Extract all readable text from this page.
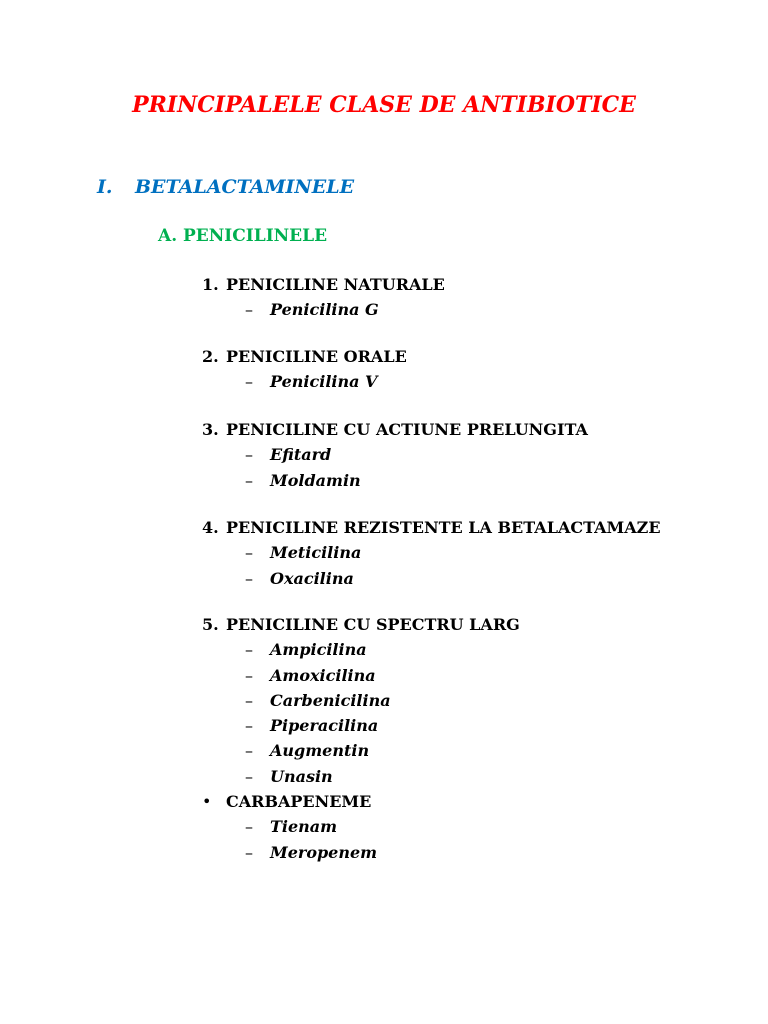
PRINCIPALELE CLASE DE ANTIBIOTICE
I. BETALACTAMINELE
A. PENICILINELE
1. PENICILINE NATURALE
– Penicilina G
2. PENICILINE ORALE
– Penicilina V
3. PENICILINE CU ACTIUNE PRELUNGITA
– Efitard
– Moldamin
4. PENICILINE REZISTENTE LA BETALACTAMAZE
– Meticilina
– Oxacilina
5. PENICILINE CU SPECTRU LARG
– Ampicilina
– Amoxicilina
– Carbenicilina
– Piperacilina
– Augmentin
– Unasin
• CARBAPENEME
– Tienam
– Meropenem
